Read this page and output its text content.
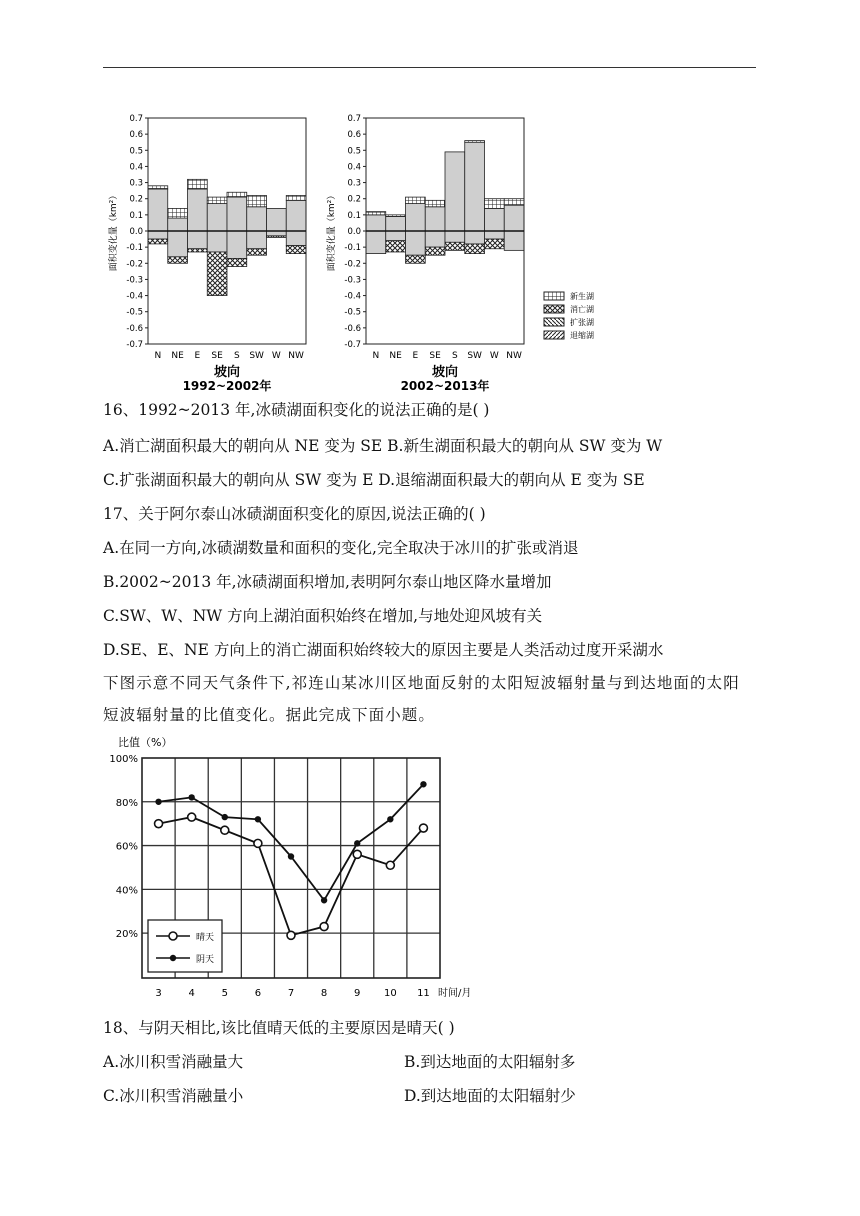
0.7
0.6
0.5
0.4
0.3
0.2
0.1
0.0
-0.1
-0.2
-0.3
-0.4
-0.5
-0.6
-0.7
N NE E SE S SW W NW
面积变化量（km²）
坡向
1992~2002年
0.7
0.6
0.5
0.4
0.3
0.2
0.1
0.0
-0.1
-0.2
-0.3
-0.4
-0.5
-0.6
-0.7
N NE E SE S SW W NW
面积变化量（km²）
坡向
2002~2013年
新生湖
消亡湖
扩张湖
退缩湖
16、1992~2013 年,冰碛湖面积变化的说法正确的是( )
A.消亡湖面积最大的朝向从 NE 变为 SE B.新生湖面积最大的朝向从 SW 变为 W
C.扩张湖面积最大的朝向从 SW 变为 E D.退缩湖面积最大的朝向从 E 变为 SE
17、关于阿尔泰山冰碛湖面积变化的原因,说法正确的( )
A.在同一方向,冰碛湖数量和面积的变化,完全取决于冰川的扩张或消退
B.2002~2013 年,冰碛湖面积增加,表明阿尔泰山地区降水量增加
C.SW、W、NW 方向上湖泊面积始终在增加,与地处迎风坡有关
D.SE、E、NE 方向上的消亡湖面积始终较大的原因主要是人类活动过度开采湖水
下图示意不同天气条件下,祁连山某冰川区地面反射的太阳短波辐射量与到达地面的太阳短波辐射量的比值变化。据此完成下面小题。
比值（%）
100%
80%
60%
40%
20%
3	4	5	6	7	8	9 10 11 时间/月
晴天
阴天
18、与阴天相比,该比值晴天低的主要原因是晴天( )
A.冰川积雪消融量大	B.到达地面的太阳辐射多
C.冰川积雪消融量小	D.到达地面的太阳辐射少
